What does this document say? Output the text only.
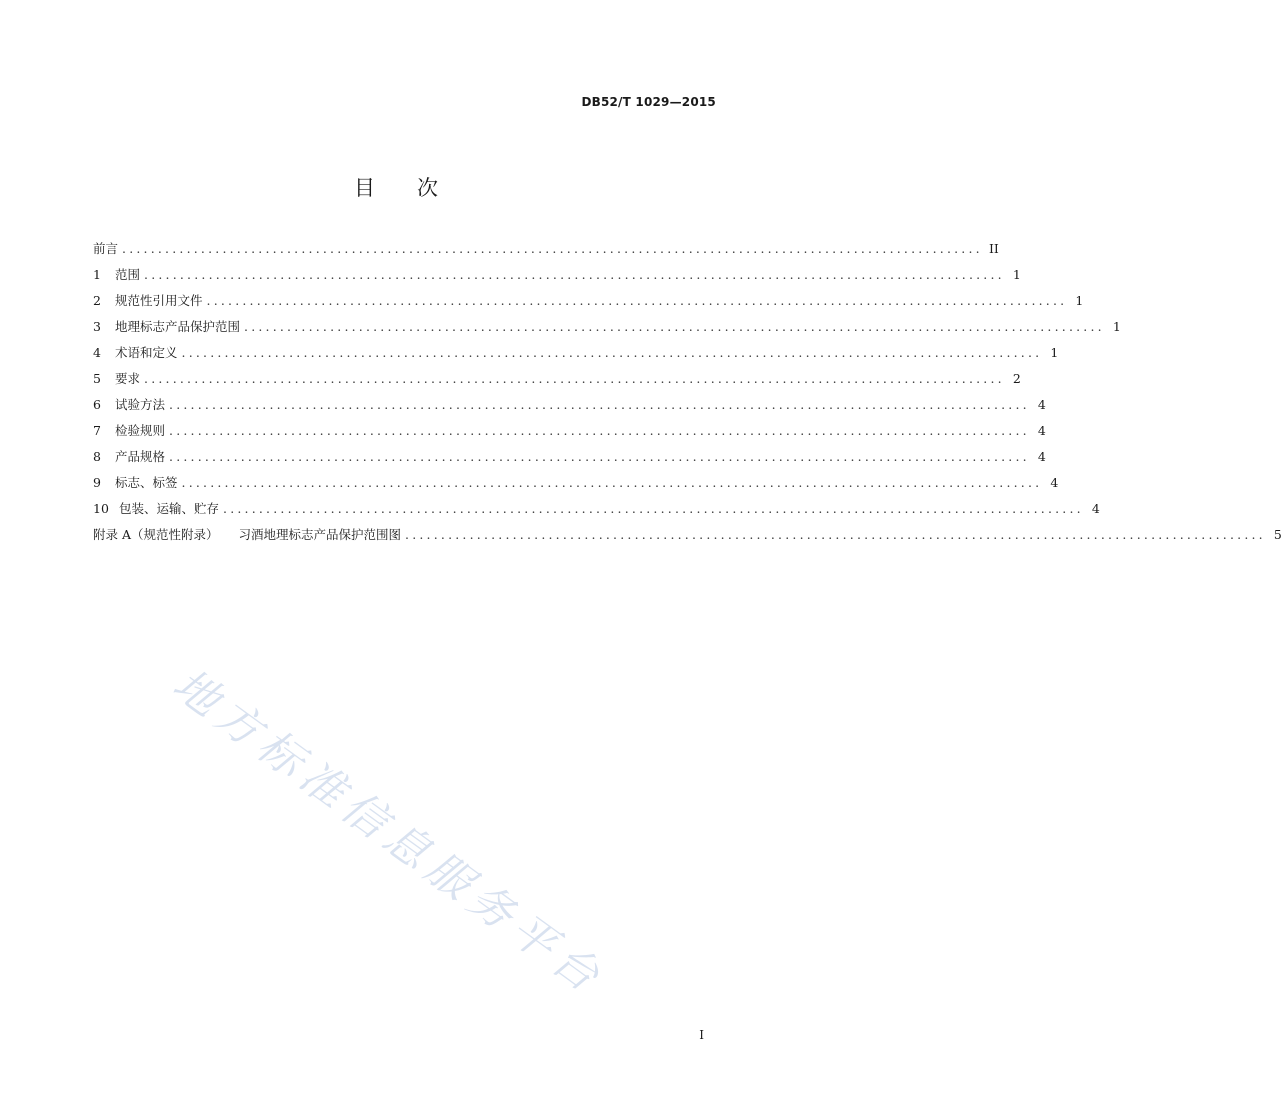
DB52/T 1029—2015
目 次
前言 ........................................................................................................................ II
1	范围 ........................................................................................................................ 1
2	规范性引用文件 ........................................................................................................................ 1
3	地理标志产品保护范围 ........................................................................................................................ 1
4	术语和定义 ........................................................................................................................ 1
5	要求 ........................................................................................................................ 2
6	试验方法 ........................................................................................................................ 4
7	检验规则 ........................................................................................................................ 4
8	产品规格 ........................................................................................................................ 4
9	标志、标签 ........................................................................................................................ 4
10 包装、运输、贮存 ........................................................................................................................ 4
附录 A（规范性附录） 习酒地理标志产品保护范围图 ........................................................................................................................ 5
地方标准信息服务平台
I
